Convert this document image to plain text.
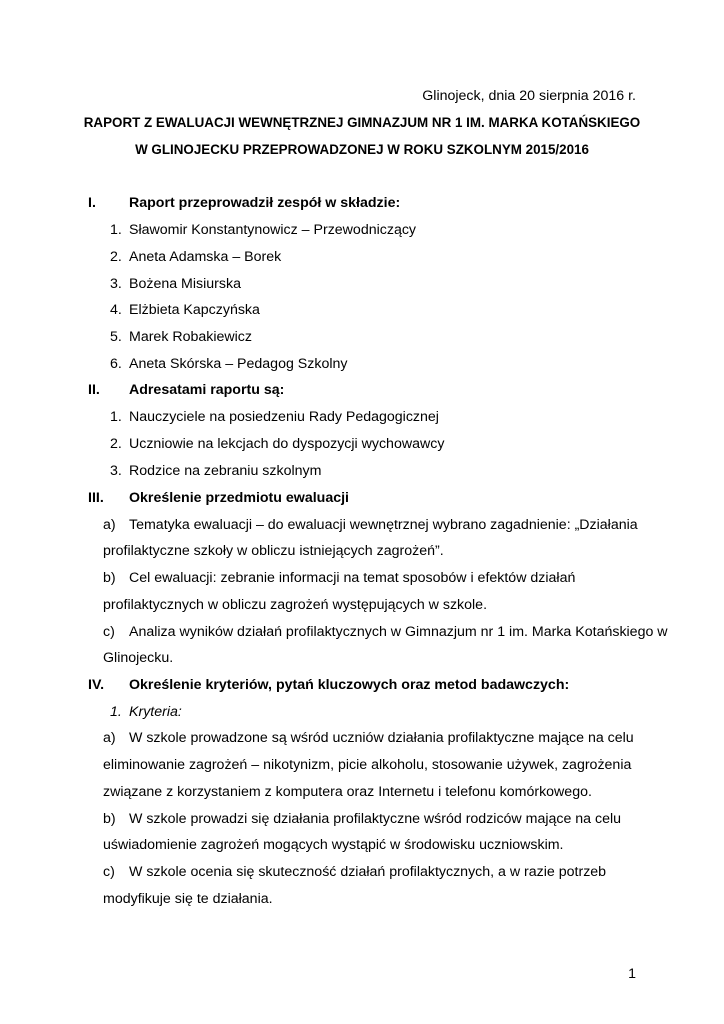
Glinojeck, dnia 20 sierpnia 2016 r.
RAPORT Z EWALUACJI WEWNĘTRZNEJ GIMNAZJUM NR 1 IM. MARKA KOTAŃSKIEGO
W GLINOJECKU PRZEPROWADZONEJ W ROKU SZKOLNYM 2015/2016
I. Raport przeprowadził zespół w składzie:
1. Sławomir Konstantynowicz – Przewodniczący
2. Aneta Adamska – Borek
3. Bożena Misiurska
4. Elżbieta Kapczyńska
5. Marek Robakiewicz
6. Aneta Skórska – Pedagog Szkolny
II. Adresatami raportu są:
1. Nauczyciele na posiedzeniu Rady Pedagogicznej
2. Uczniowie na lekcjach do dyspozycji wychowawcy
3. Rodzice na zebraniu szkolnym
III. Określenie przedmiotu ewaluacji
a) Tematyka ewaluacji – do ewaluacji wewnętrznej wybrano zagadnienie: „Działania
profilaktyczne szkoły w obliczu istniejących zagrożeń”.
b) Cel ewaluacji: zebranie informacji na temat sposobów i efektów działań
profilaktycznych w obliczu zagrożeń występujących w szkole.
c) Analiza wyników działań profilaktycznych w Gimnazjum nr 1 im. Marka Kotańskiego w
Glinojecku.
IV. Określenie kryteriów, pytań kluczowych oraz metod badawczych:
1. Kryteria:
a) W szkole prowadzone są wśród uczniów działania profilaktyczne mające na celu
eliminowanie zagrożeń – nikotynizm, picie alkoholu, stosowanie używek, zagrożenia
związane z korzystaniem z komputera oraz Internetu i telefonu komórkowego.
b) W szkole prowadzi się działania profilaktyczne wśród rodziców mające na celu
uświadomienie zagrożeń mogących wystąpić w środowisku uczniowskim.
c) W szkole ocenia się skuteczność działań profilaktycznych, a w razie potrzeb
modyfikuje się te działania.
1
